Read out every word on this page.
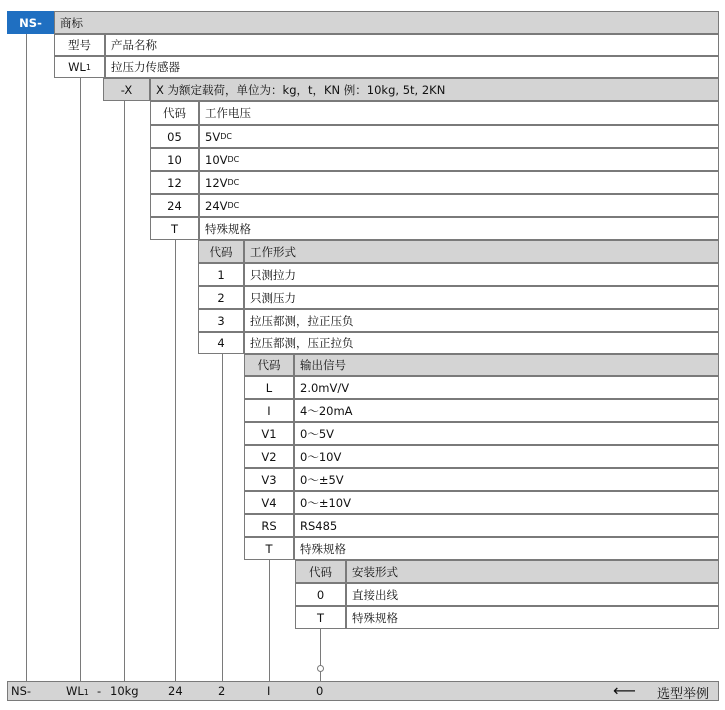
NS-	商标
型号	产品名称
WL 1	拉压力传感器
-X	X 为额定载荷，单位为：kg，t，KN 例：10kg, 5t, 2KN
代码	工作电压
05	5V DC
10	10V DC
12	12V DC
24	24V DC
T	特殊规格
代码	工作形式
1	只测拉力
2	只测压力
3	拉压都测，拉正压负
4	拉压都测，压正拉负
代码	输出信号
L	2.0mV/V
I	4～20mA
V1	0～5V
V2	0～10V
V3	0～±5V
V4	0～±10V
RS	RS485
T	特殊规格
代码	安装形式
0	直接出线
T	特殊规格
NS-	WL1 - 10kg	24	2	I	0	⟵ 选型举例
